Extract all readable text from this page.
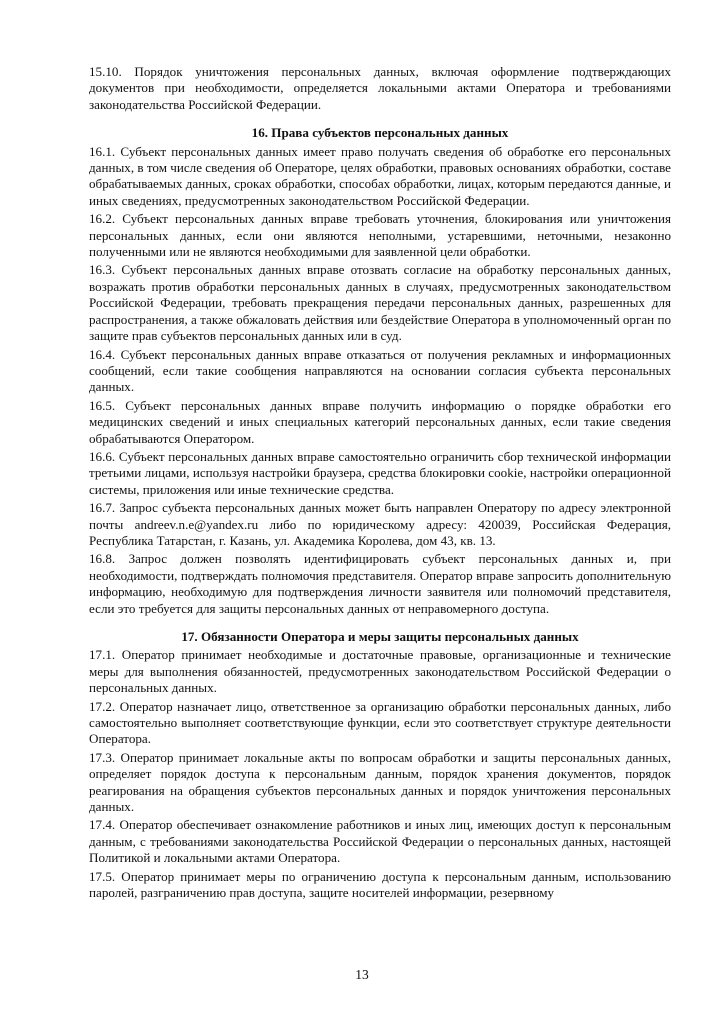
15.10. Порядок уничтожения персональных данных, включая оформление подтверждающих документов при необходимости, определяется локальными актами Оператора и требованиями законодательства Российской Федерации.

16. Права субъектов персональных данных

16.1. Субъект персональных данных имеет право получать сведения об обработке его персональных данных, в том числе сведения об Операторе, целях обработки, правовых основаниях обработки, составе обрабатываемых данных, сроках обработки, способах обработки, лицах, которым передаются данные, и иных сведениях, предусмотренных законодательством Российской Федерации.

16.2. Субъект персональных данных вправе требовать уточнения, блокирования или уничтожения персональных данных, если они являются неполными, устаревшими, неточными, незаконно полученными или не являются необходимыми для заявленной цели обработки.

16.3. Субъект персональных данных вправе отозвать согласие на обработку персональных данных, возражать против обработки персональных данных в случаях, предусмотренных законодательством Российской Федерации, требовать прекращения передачи персональных данных, разрешенных для распространения, а также обжаловать действия или бездействие Оператора в уполномоченный орган по защите прав субъектов персональных данных или в суд.

16.4. Субъект персональных данных вправе отказаться от получения рекламных и информационных сообщений, если такие сообщения направляются на основании согласия субъекта персональных данных.

16.5. Субъект персональных данных вправе получить информацию о порядке обработки его медицинских сведений и иных специальных категорий персональных данных, если такие сведения обрабатываются Оператором.

16.6. Субъект персональных данных вправе самостоятельно ограничить сбор технической информации третьими лицами, используя настройки браузера, средства блокировки cookie, настройки операционной системы, приложения или иные технические средства.

16.7. Запрос субъекта персональных данных может быть направлен Оператору по адресу электронной почты andreev.n.e@yandex.ru либо по юридическому адресу: 420039, Российская Федерация, Республика Татарстан, г. Казань, ул. Академика Королева, дом 43, кв. 13.

16.8. Запрос должен позволять идентифицировать субъект персональных данных и, при необходимости, подтверждать полномочия представителя. Оператор вправе запросить дополнительную информацию, необходимую для подтверждения личности заявителя или полномочий представителя, если это требуется для защиты персональных данных от неправомерного доступа.

17. Обязанности Оператора и меры защиты персональных данных

17.1. Оператор принимает необходимые и достаточные правовые, организационные и технические меры для выполнения обязанностей, предусмотренных законодательством Российской Федерации о персональных данных.

17.2. Оператор назначает лицо, ответственное за организацию обработки персональных данных, либо самостоятельно выполняет соответствующие функции, если это соответствует структуре деятельности Оператора.

17.3. Оператор принимает локальные акты по вопросам обработки и защиты персональных данных, определяет порядок доступа к персональным данным, порядок хранения документов, порядок реагирования на обращения субъектов персональных данных и порядок уничтожения персональных данных.

17.4. Оператор обеспечивает ознакомление работников и иных лиц, имеющих доступ к персональным данным, с требованиями законодательства Российской Федерации о персональных данных, настоящей Политикой и локальными актами Оператора.

17.5. Оператор принимает меры по ограничению доступа к персональным данным, использованию паролей, разграничению прав доступа, защите носителей информации, резервному

13
